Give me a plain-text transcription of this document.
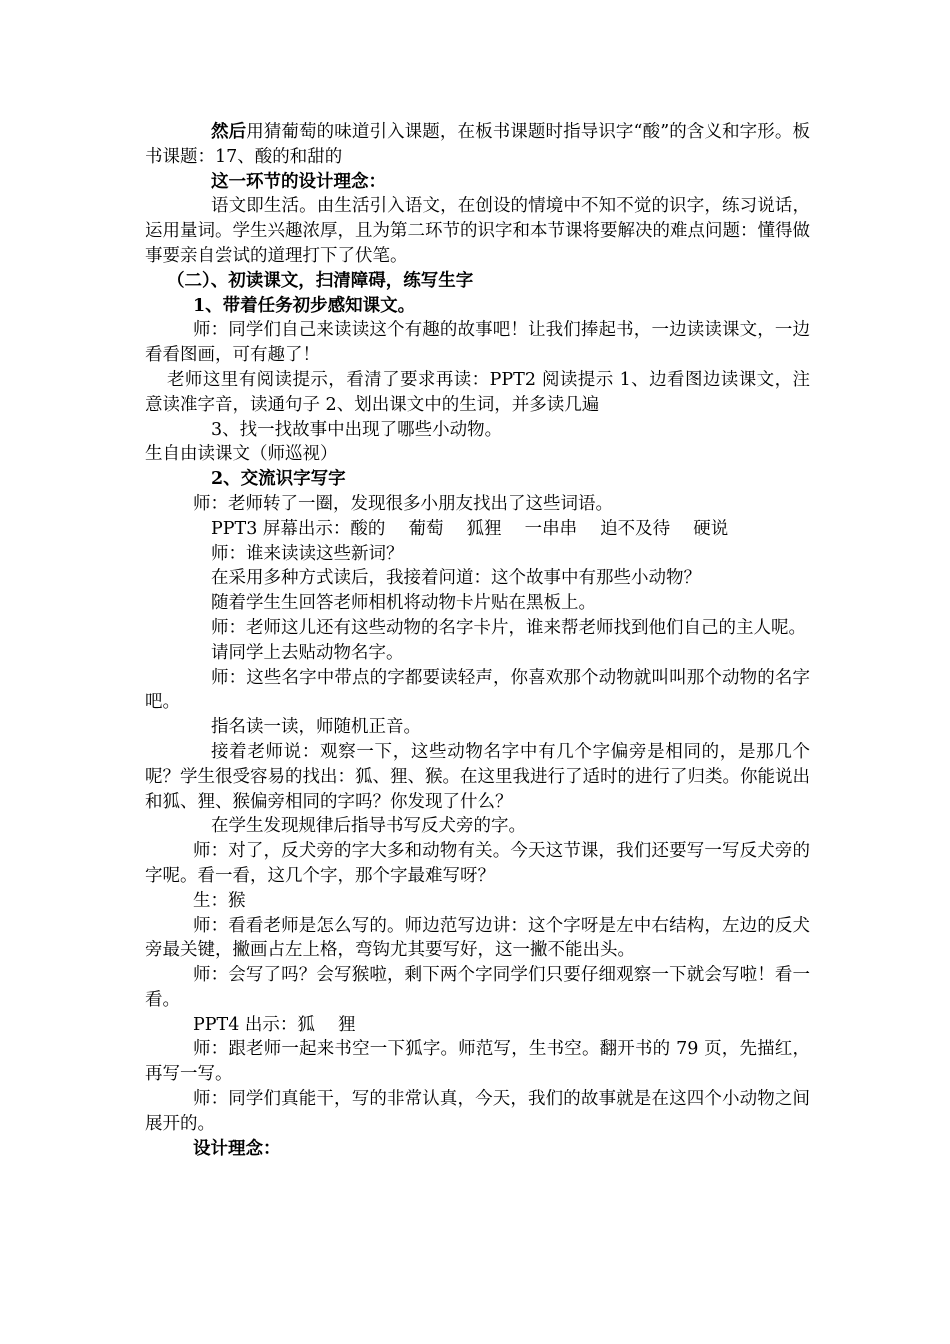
然后用猜葡萄的味道引入课题，在板书课题时指导识字“酸”的含义和字形。板书课题：17、酸的和甜的

这一环节的设计理念：

语文即生活。由生活引入语文，在创设的情境中不知不觉的识字，练习说话，运用量词。学生兴趣浓厚，且为第二环节的识字和本节课将要解决的难点问题：懂得做事要亲自尝试的道理打下了伏笔。

（二）、初读课文，扫清障碍，练写生字

1、带着任务初步感知课文。

师：同学们自己来读读这个有趣的故事吧！让我们捧起书，一边读读课文，一边看看图画，可有趣了！

老师这里有阅读提示，看清了要求再读：PPT2 阅读提示 1、边看图边读课文，注意读准字音，读通句子 2、划出课文中的生词，并多读几遍

3、找一找故事中出现了哪些小动物。

生自由读课文（师巡视）

2、交流识字写字

师：老师转了一圈，发现很多小朋友找出了这些词语。

PPT3 屏幕出示：酸的　 葡萄　 狐狸　 一串串　 迫不及待　 硬说

师：谁来读读这些新词？

在采用多种方式读后，我接着问道：这个故事中有那些小动物？

随着学生生回答老师相机将动物卡片贴在黑板上。

师：老师这儿还有这些动物的名字卡片，谁来帮老师找到他们自己的主人呢。

请同学上去贴动物名字。

师：这些名字中带点的字都要读轻声，你喜欢那个动物就叫叫那个动物的名字吧。

指名读一读，师随机正音。

接着老师说：观察一下，这些动物名字中有几个字偏旁是相同的，是那几个呢？学生很受容易的找出：狐、狸、猴。在这里我进行了适时的进行了归类。你能说出和狐、狸、猴偏旁相同的字吗？你发现了什么？

在学生发现规律后指导书写反犬旁的字。

师：对了，反犬旁的字大多和动物有关。今天这节课，我们还要写一写反犬旁的字呢。看一看，这几个字，那个字最难写呀？

生：猴

师：看看老师是怎么写的。师边范写边讲：这个字呀是左中右结构，左边的反犬旁最关键，撇画占左上格，弯钩尤其要写好，这一撇不能出头。

师：会写了吗？会写猴啦，剩下两个字同学们只要仔细观察一下就会写啦！看一看。

PPT4 出示：狐　 狸

师：跟老师一起来书空一下狐字。师范写，生书空。翻开书的 79 页，先描红，再写一写。

师：同学们真能干，写的非常认真，今天，我们的故事就是在这四个小动物之间展开的。

设计理念：
